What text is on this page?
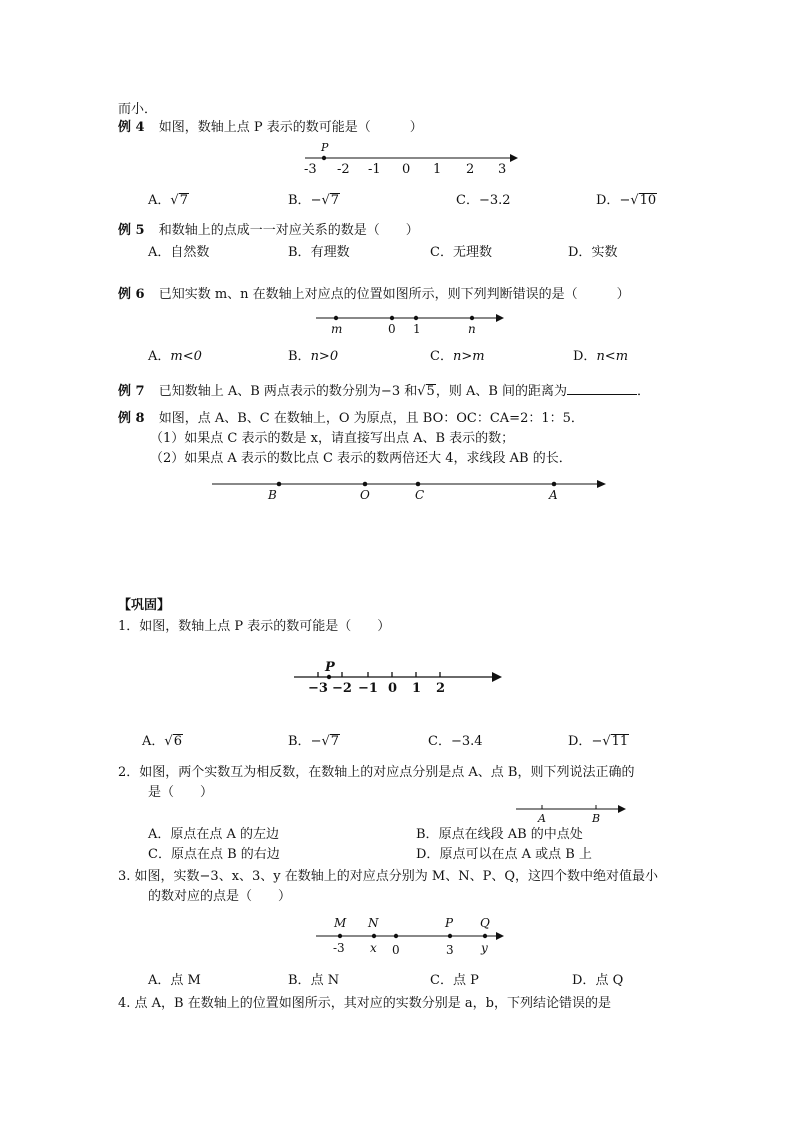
而小．
例 4 如图，数轴上点 P 表示的数可能是（　　　）
P
-3 -2 -1 0 1 2 3
A．√7	B．−√7	C．−3.2	D．−√10
例 5 和数轴上的点成一一对应关系的数是（　　）
A．自然数	B．有理数	C．无理数	D．实数
例 6 已知实数 m、n 在数轴上对应点的位置如图所示，则下列判断错误的是（　　　）
m	0 1	n
A．m<0	B．n>0	C．n>m	D．n<m
例 7 已知数轴上 A、B 两点表示的数分别为−3 和√5，则 A、B 间的距离为	．
例 8 如图，点 A、B、C 在数轴上，O 为原点，且 BO：OC：CA=2：1：5．
（1）如果点 C 表示的数是 x，请直接写出点 A、B 表示的数；
（2）如果点 A 表示的数比点 C 表示的数两倍还大 4，求线段 AB 的长．
B	O	C	A
【巩固】
1．如图，数轴上点 P 表示的数可能是（　　）
P
−3 −2 −1 0 1 2
A．√6	B．−√7	C．−3.4	D．−√11
2．如图，两个实数互为相反数，在数轴上的对应点分别是点 A、点 B，则下列说法正确的
是（　　）
A	B
A．原点在点 A 的左边	B．原点在线段 AB 的中点处
C．原点在点 B 的右边	D．原点可以在点 A 或点 B 上
3. 如图，实数−3、x、3、y 在数轴上的对应点分别为 M、N、P、Q，这四个数中绝对值最小
的数对应的点是（　　）
M N	P Q
-3 x 0	3 y
A．点 M	B．点 N	C．点 P	D．点 Q
4. 点 A，B 在数轴上的位置如图所示，其对应的实数分别是 a，b，下列结论错误的是
